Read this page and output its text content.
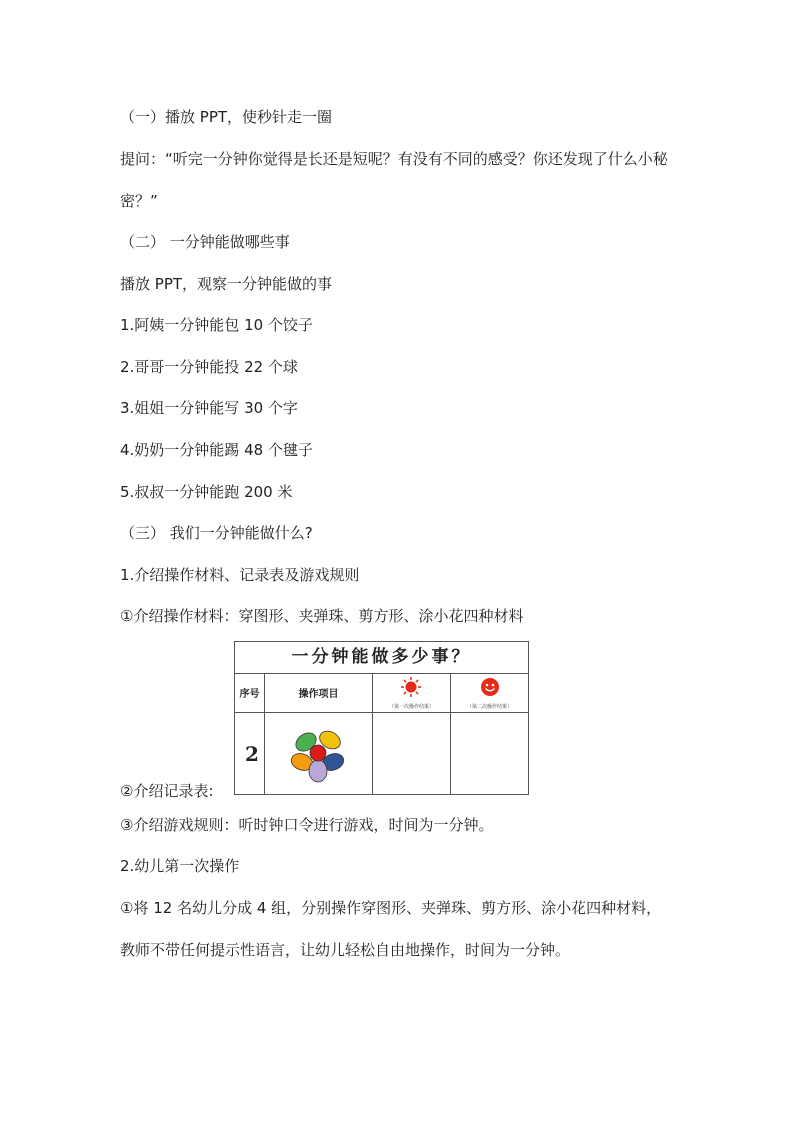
（一）播放 PPT，使秒针走一圈
提问：“听完一分钟你觉得是长还是短呢？有没有不同的感受？你还发现了什么小秘密？”
（二） 一分钟能做哪些事
播放 PPT，观察一分钟能做的事
1.阿姨一分钟能包 10 个饺子
2.哥哥一分钟能投 22 个球
3.姐姐一分钟能写 30 个字
4.奶奶一分钟能踢 48 个毽子
5.叔叔一分钟能跑 200 米
（三） 我们一分钟能做什么?
1.介绍操作材料、记录表及游戏规则
①介绍操作材料：穿图形、夹弹珠、剪方形、涂小花四种材料
一分钟能做多少事？
序号	操作项目
（第一次操作结果）	（第二次操作结果）
2
②介绍记录表:
③介绍游戏规则：听时钟口令进行游戏，时间为一分钟。
2.幼儿第一次操作
①将 12 名幼儿分成 4 组，分别操作穿图形、夹弹珠、剪方形、涂小花四种材料，教师不带任何提示性语言，让幼儿轻松自由地操作，时间为一分钟。
